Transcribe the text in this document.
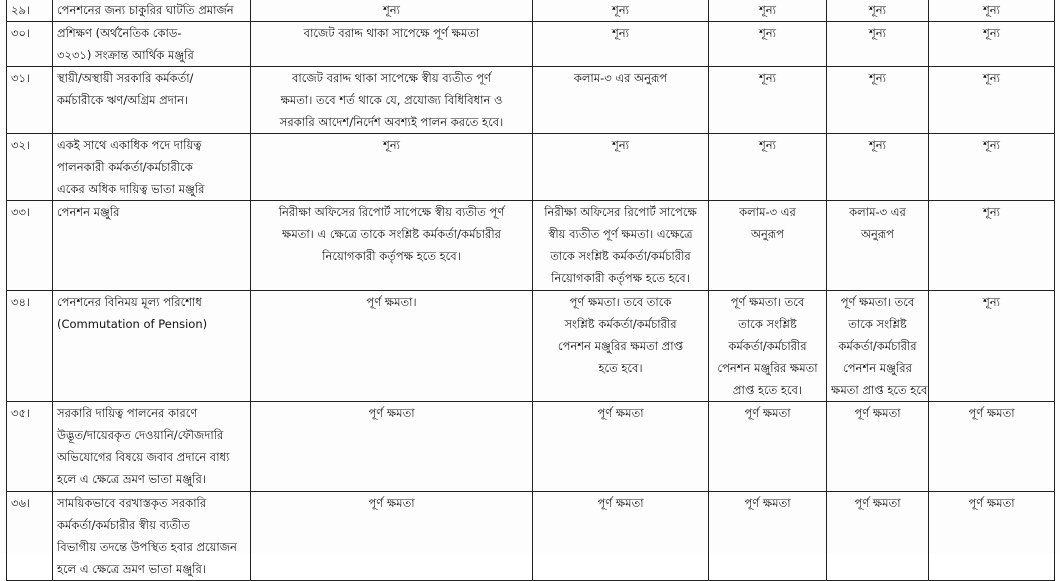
২৯।	পেনশনের জন্য চাকুরির ঘাটতি প্রমার্জন	শূন্য	শূন্য	শূন্য	শূন্য	শূন্য

৩০।	প্রশিক্ষণ (অর্থনৈতিক কোড-
৩২৩১) সংক্রান্ত আর্থিক মঞ্জুরি	বাজেট বরাদ্দ থাকা সাপেক্ষে পূর্ণ ক্ষমতা	শূন্য	শূন্য	শূন্য	শূন্য

৩১।	স্থায়ী/অস্থায়ী সরকারি কর্মকর্তা/
কর্মচারীকে ঋণ/অগ্রিম প্রদান।	বাজেট বরাদ্দ থাকা সাপেক্ষে স্বীয় ব্যতীত পূর্ণ
ক্ষমতা। তবে শর্ত থাকে যে, প্রযোজ্য বিধিবিধান ও
সরকারি আদেশ/নির্দেশ অবশ্যই পালন করতে হবে।	কলাম-৩ এর অনুরূপ	শূন্য	শূন্য	শূন্য

৩২।	একই সাথে একাধিক পদে দায়িত্ব
পালনকারী কর্মকর্তা/কর্মচারীকে
একের অধিক দায়িত্ব ভাতা মঞ্জুরি	শূন্য	শূন্য	শূন্য	শূন্য	শূন্য

৩৩।	পেনশন মঞ্জুরি	নিরীক্ষা অফিসের রিপোর্ট সাপেক্ষে স্বীয় ব্যতীত পূর্ণ
ক্ষমতা। এ ক্ষেত্রে তাকে সংশ্লিষ্ট কর্মকর্তা/কর্মচারীর
নিয়োগকারী কর্তৃপক্ষ হতে হবে।	নিরীক্ষা অফিসের রিপোর্ট সাপেক্ষে
স্বীয় ব্যতীত পূর্ণ ক্ষমতা। এক্ষেত্রে
তাকে সংশ্লিষ্ট কর্মকর্তা/কর্মচারীর
নিয়োগকারী কর্তৃপক্ষ হতে হবে।	কলাম-৩ এর
অনুরূপ	কলাম-৩ এর
অনুরূপ	শূন্য

৩৪।	পেনশনের বিনিময় মূল্য পরিশোধ
(Commutation of Pension)	পূর্ণ ক্ষমতা।	পূর্ণ ক্ষমতা। তবে তাকে
সংশ্লিষ্ট কর্মকর্তা/কর্মচারীর
পেনশন মঞ্জুরির ক্ষমতা প্রাপ্ত
হতে হবে।	পূর্ণ ক্ষমতা। তবে
তাকে সংশ্লিষ্ট
কর্মকর্তা/কর্মচারীর
পেনশন মঞ্জুরির ক্ষমতা
প্রাপ্ত হতে হবে।	পূর্ণ ক্ষমতা। তবে
তাকে সংশ্লিষ্ট
কর্মকর্তা/কর্মচারীর
পেনশন মঞ্জুরির
ক্ষমতা প্রাপ্ত হতে হবে	শূন্য

৩৫।	সরকারি দায়িত্ব পালনের কারণে
উদ্ভূত/দায়েরকৃত দেওয়ানি/ফৌজদারি
অভিযোগের বিষয়ে জবাব প্রদানে বাধ্য
হলে এ ক্ষেত্রে ভ্রমণ ভাতা মঞ্জুরি।	পূর্ণ ক্ষমতা	পূর্ণ ক্ষমতা	পূর্ণ ক্ষমতা	পূর্ণ ক্ষমতা	পূর্ণ ক্ষমতা

৩৬।	সাময়িকভাবে বরখাস্তকৃত সরকারি
কর্মকর্তা/কর্মচারীর স্বীয় ব্যতীত
বিভাগীয় তদন্তে উপস্থিত হবার প্রয়োজন
হলে এ ক্ষেত্রে ভ্রমণ ভাতা মঞ্জুরি।	পূর্ণ ক্ষমতা	পূর্ণ ক্ষমতা	পূর্ণ ক্ষমতা	পূর্ণ ক্ষমতা	পূর্ণ ক্ষমতা
